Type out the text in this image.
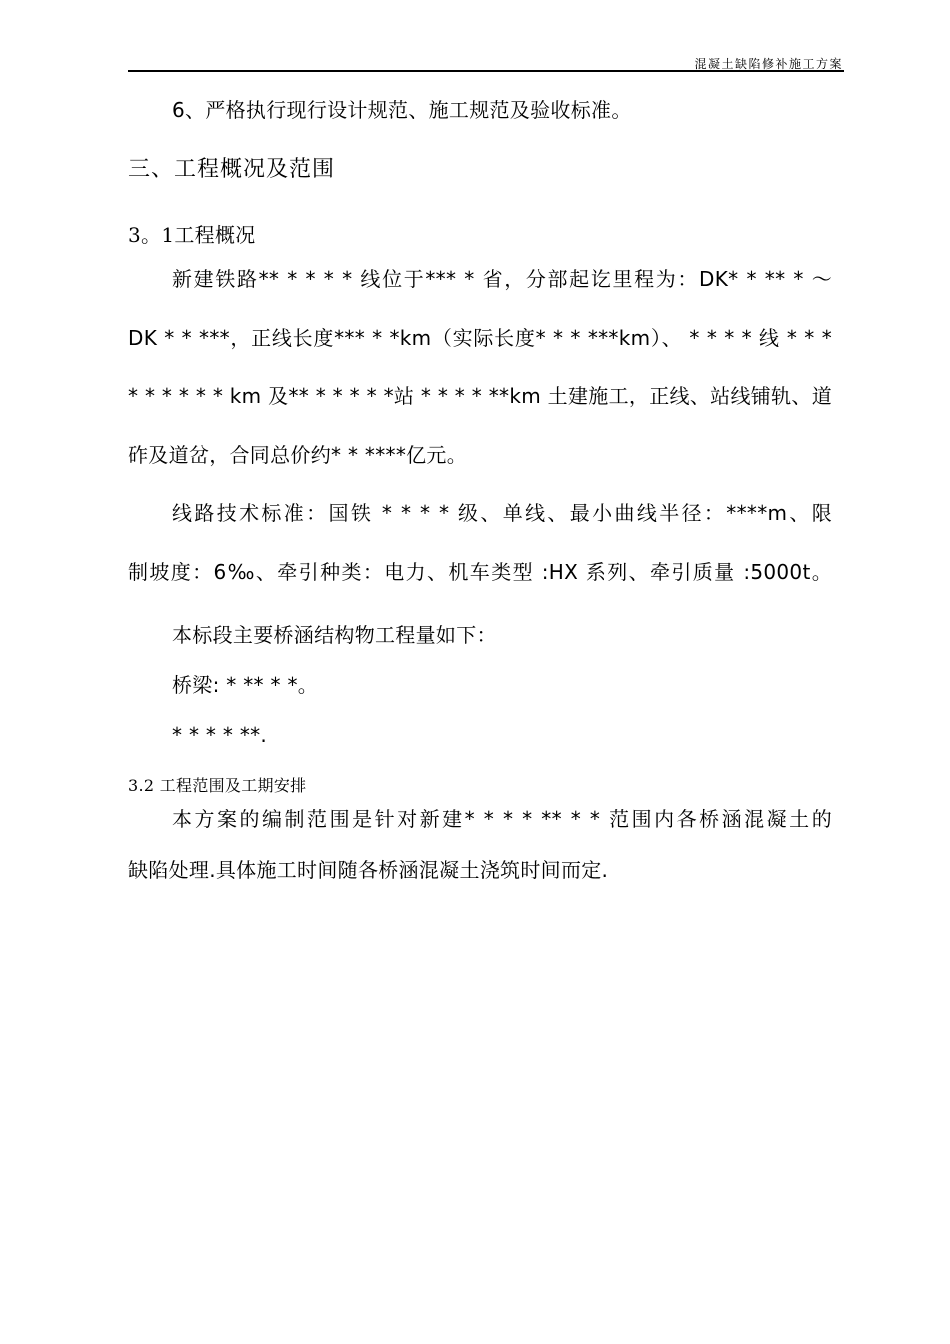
混凝土缺陷修补施工方案
6、严格执行现行设计规范、施工规范及验收标准。
三、工程概况及范围
3。1工程概况
新建铁路** * * * * 线位于*** * 省，分部起讫里程为：DK* * ** * ～
DK * * ***，正线长度*** * *km（实际长度* * * ***km）、 * * * * 线 * * *
* * * * * * km 及** * * * * *站 * * * * **km 土建施工，正线、站线铺轨、道
砟及道岔，合同总价约* * ****亿元。
线路技术标准：国铁 * * * * 级、单线、最小曲线半径：****m、限
制坡度：6‰、牵引种类：电力、机车类型 :HX 系列、牵引质量 :5000t。
本标段主要桥涵结构物工程量如下：
桥梁: * ** * *。
* * * * **.
3.2 工程范围及工期安排
本方案的编制范围是针对新建* * * * ** * * 范围内各桥涵混凝土的
缺陷处理.具体施工时间随各桥涵混凝土浇筑时间而定.
